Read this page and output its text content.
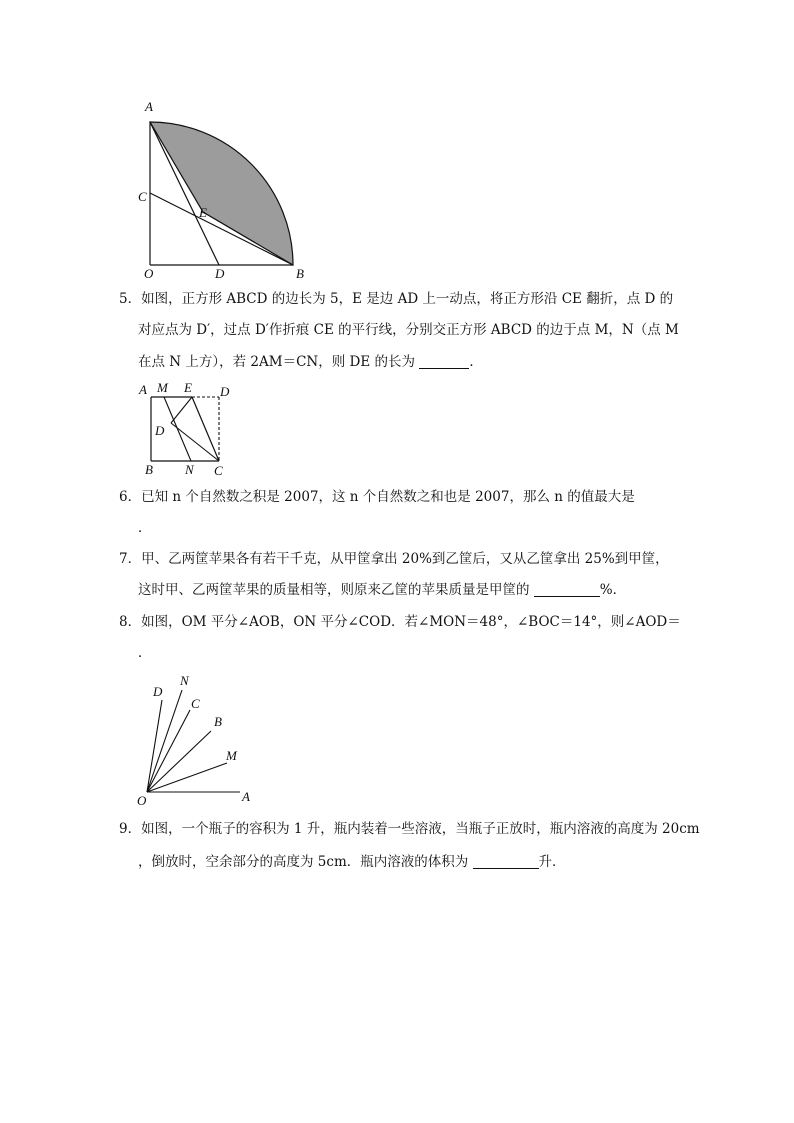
A
C
E
O	D	B
5．如图，正方形 ABCD 的边长为 5，E 是边 AD 上一动点，将正方形沿 CE 翻折，点 D 的
对应点为 D′，过点 D′作折痕 CE 的平行线，分别交正方形 ABCD 的边于点 M，N（点 M
在点 N 上方），若 2AM＝CN，则 DE 的长为	．
A M E D
D
B N C
6．已知 n 个自然数之积是 2007，这 n 个自然数之和也是 2007，那么 n 的值最大是
．
7．甲、乙两筐苹果各有若干千克，从甲筐拿出 20%到乙筐后，又从乙筐拿出 25%到甲筐，
这时甲、乙两筐苹果的质量相等，则原来乙筐的苹果质量是甲筐的	%．
8．如图，OM 平分∠AOB，ON 平分∠COD．若∠MON＝48°，∠BOC＝14°，则∠AOD＝
．
D
N
C
B
M
O	A
9．如图，一个瓶子的容积为 1 升，瓶内装着一些溶液，当瓶子正放时，瓶内溶液的高度为 20cm
，倒放时，空余部分的高度为 5cm．瓶内溶液的体积为	升．
